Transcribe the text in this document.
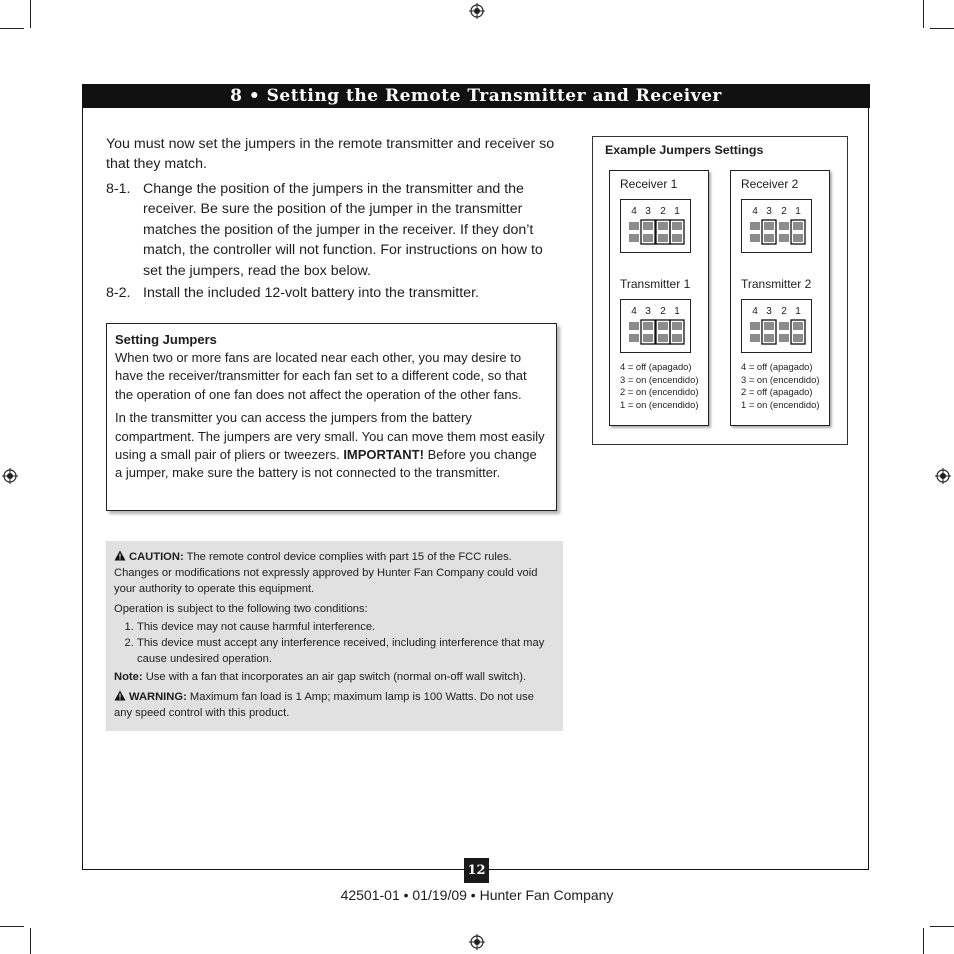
8 • Setting the Remote Transmitter and Receiver
You must now set the jumpers in the remote transmitter and receiver so that they match.
8-1. Change the position of the jumpers in the transmitter and the receiver. Be sure the position of the jumper in the transmitter matches the position of the jumper in the receiver. If they don’t match, the controller will not function. For instructions on how to set the jumpers, read the box below.
8-2. Install the included 12-volt battery into the transmitter.
Setting Jumpers

When two or more fans are located near each other, you may desire to have the receiver/transmitter for each fan set to a different code, so that the operation of one fan does not affect the operation of the other fans.

In the transmitter you can access the jumpers from the battery compartment. The jumpers are very small. You can move them most easily using a small pair of pliers or tweezers. IMPORTANT! Before you change a jumper, make sure the battery is not connected to the transmitter.

CAUTION: The remote control device complies with part 15 of the FCC rules. Changes or modifications not expressly approved by Hunter Fan Company could void your authority to operate this equipment.

Operation is subject to the following two conditions:

1. This device may not cause harmful interference.
2. This device must accept any interference received, including interference that may cause undesired operation.

Note: Use with a fan that incorporates an air gap switch (normal on-off wall switch).

WARNING: Maximum fan load is 1 Amp; maximum lamp is 100 Watts. Do not use any speed control with this product.

Example Jumpers Settings
Receiver 1
4 3 2 1
Transmitter 1
4 3 2 1
4 = off (apagado)
3 = on (encendido)
2 = on (encendido)
1 = on (encendido)
Receiver 2
4 3 2 1
Transmitter 2
4 3 2 1
4 = off (apagado)
3 = on (encendido)
2 = off (apagado)
1 = on (encendido)
12
42501-01 • 01/19/09 • Hunter Fan Company
